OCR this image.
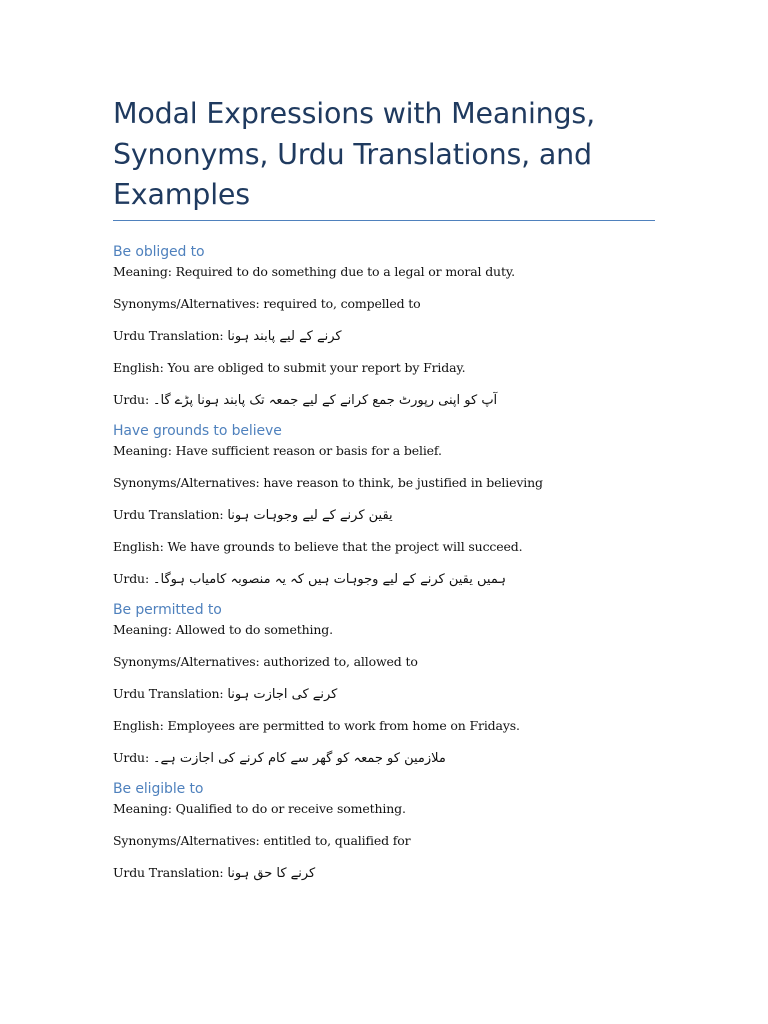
Modal Expressions with Meanings, Synonyms, Urdu Translations, and Examples
Be obliged to

Meaning: Required to do something due to a legal or moral duty.

Synonyms/Alternatives: required to, compelled to

Urdu Translation: کرنے کے لیے پابند ہونا

English: You are obliged to submit your report by Friday.

Urdu: آپ کو اپنی رپورٹ جمع کرانے کے لیے جمعہ تک پابند ہونا پڑے گا۔

Have grounds to believe

Meaning: Have sufficient reason or basis for a belief.

Synonyms/Alternatives: have reason to think, be justified in believing

Urdu Translation: یقین کرنے کے لیے وجوہات ہونا

English: We have grounds to believe that the project will succeed.

Urdu: ہمیں یقین کرنے کے لیے وجوہات ہیں کہ یہ منصوبہ کامیاب ہوگا۔

Be permitted to

Meaning: Allowed to do something.

Synonyms/Alternatives: authorized to, allowed to

Urdu Translation: کرنے کی اجازت ہونا

English: Employees are permitted to work from home on Fridays.

Urdu: ملازمین کو جمعہ کو گھر سے کام کرنے کی اجازت ہے۔

Be eligible to

Meaning: Qualified to do or receive something.

Synonyms/Alternatives: entitled to, qualified for

Urdu Translation: کرنے کا حق ہونا
